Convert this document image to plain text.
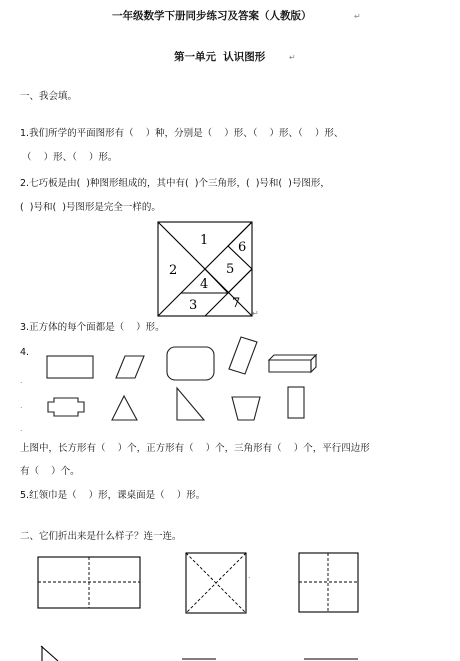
一年级数学下册同步练习及答案（人教版）	↵
第一单元  认识图形	↵
一、我会填。
1.我们所学的平面图形有（    ）种，分别是（    ）形、（    ）形、（    ）形、
（    ）形、（    ）形。
2.七巧板是由(  )种图形组成的，其中有(  )个三角形，(  )号和(  )号图形，
(  )号和(  )号图形是完全一样的。
1
2
3
4
5
6
7
↵
3.正方体的每个面都是（    ）形。
4.
.
.
.
上图中，长方形有（    ）个，正方形有（    ）个，三角形有（    ）个，平行四边形
有（    ）个。
5.红领巾是（    ）形，课桌面是（    ）形。
二、它们折出来是什么样子？连一连。
.
